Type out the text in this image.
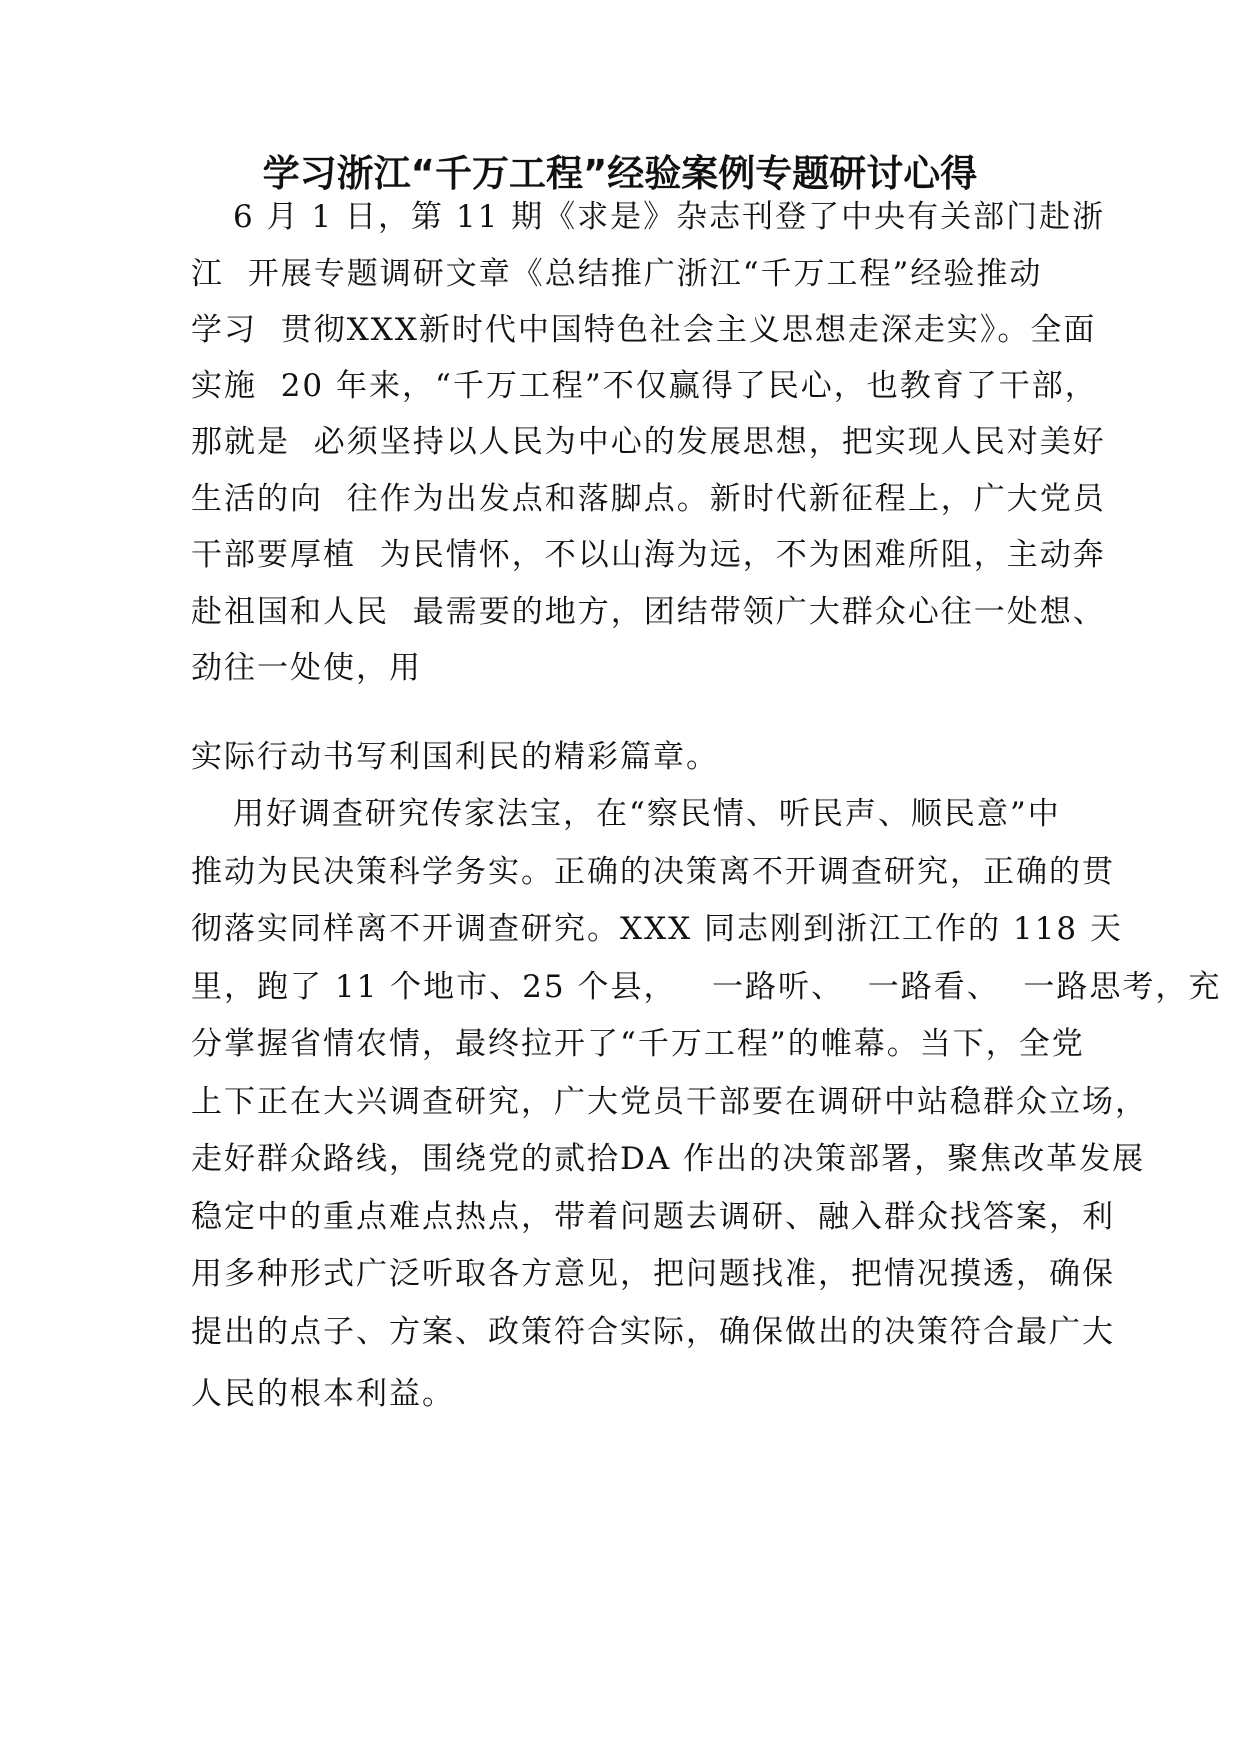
学习浙江“千万工程”经验案例专题研讨心得
6 月 1 日，第 11 期《求是》杂志刊登了中央有关部门赴浙
江  开展专题调研文章《总结推广浙江“千万工程”经验推动
学习  贯彻XXX新时代中国特色社会主义思想走深走实》。全面
实施  20 年来，“千万工程”不仅赢得了民心，也教育了干部，
那就是  必须坚持以人民为中心的发展思想，把实现人民对美好
生活的向  往作为出发点和落脚点。新时代新征程上，广大党员
干部要厚植  为民情怀，不以山海为远，不为困难所阻，主动奔
赴祖国和人民  最需要的地方，团结带领广大群众心往一处想、
劲往一处使，用
实际行动书写利国利民的精彩篇章。
用好调查研究传家法宝，在“察民情、听民声、顺民意”中
推动为民决策科学务实。正确的决策离不开调查研究，正确的贯
彻落实同样离不开调查研究。XXX 同志刚到浙江工作的 118 天
里，跑了 11 个地市、25 个县，   一路听、  一路看、  一路思考，充
分掌握省情农情，最终拉开了“千万工程”的帷幕。当下，全党
上下正在大兴调查研究，广大党员干部要在调研中站稳群众立场，
走好群众路线，围绕党的贰拾DA 作出的决策部署，聚焦改革发展
稳定中的重点难点热点，带着问题去调研、融入群众找答案，利
用多种形式广泛听取各方意见，把问题找准，把情况摸透，确保
提出的点子、方案、政策符合实际，确保做出的决策符合最广大
人民的根本利益。
